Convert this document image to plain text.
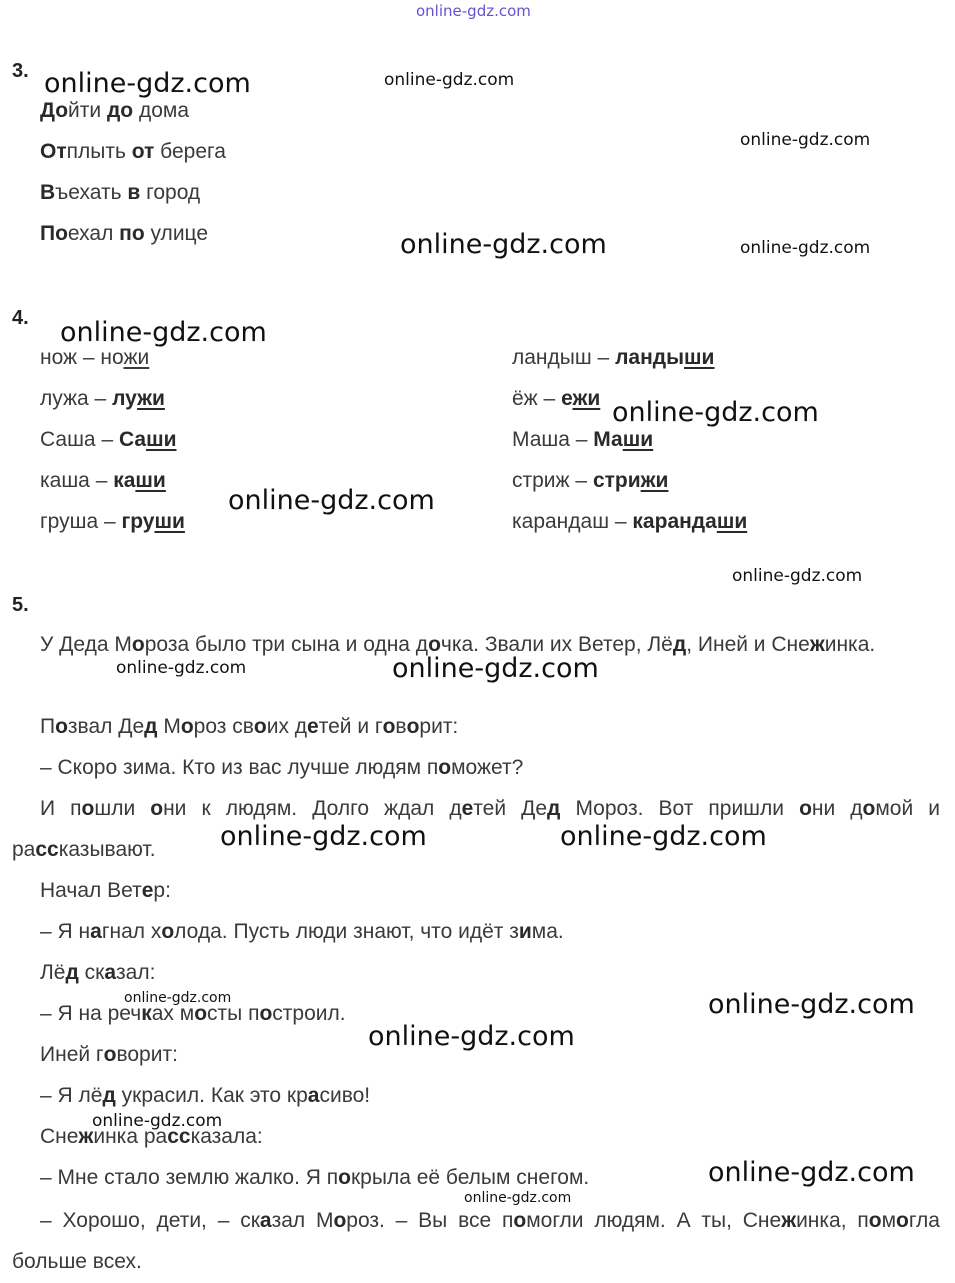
online-gdz.com
3.
Дойти до дома
Отплыть от берега
Въехать в город
Поехал по улице
4.
нож – ножи
лужа – лужи
Саша – Саши
каша – каши
груша – груши
ландыш – ландыши
ёж – ежи
Маша – Маши
стриж – стрижи
карандаш – карандаши
5.
У Деда Мороза было три сына и одна дочка. Звали их Ветер, Лёд, Иней и Снежинка.
Позвал Дед Мороз своих детей и говорит:
– Скоро зима. Кто из вас лучше людям поможет?
И пошли они к людям. Долго ждал детей Дед Мороз. Вот пришли они домой и рассказывают.
Начал Ветер:
– Я нагнал холода. Пусть люди знают, что идёт зима.
Лёд сказал:
– Я на речках мосты построил.
Иней говорит:
– Я лёд украсил. Как это красиво!
Снежинка рассказала:
– Мне стало землю жалко. Я покрыла её белым снегом.
– Хорошо, дети, – сказал Мороз. – Вы все помогли людям. А ты, Снежинка, помогла больше всех.
online-gdz.com	online-gdz.com
online-gdz.com
online-gdz.com	online-gdz.com
online-gdz.com
online-gdz.com
online-gdz.com
online-gdz.com
online-gdz.com	online-gdz.com
online-gdz.com	online-gdz.com
online-gdz.com	online-gdz.com
online-gdz.com
online-gdz.com
online-gdz.com
online-gdz.com
